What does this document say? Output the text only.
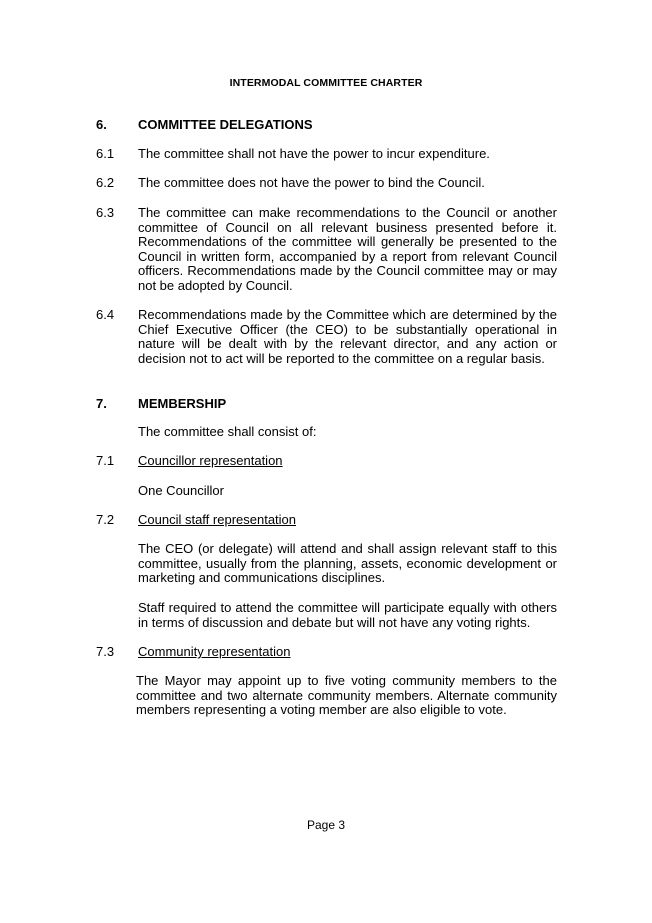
INTERMODAL COMMITTEE CHARTER
6. COMMITTEE DELEGATIONS
6.1 The committee shall not have the power to incur expenditure.
6.2 The committee does not have the power to bind the Council.
6.3 The committee can make recommendations to the Council or another committee of Council on all relevant business presented before it. Recommendations of the committee will generally be presented to the Council in written form, accompanied by a report from relevant Council officers. Recommendations made by the Council committee may or may not be adopted by Council.
6.4 Recommendations made by the Committee which are determined by the Chief Executive Officer (the CEO) to be substantially operational in nature will be dealt with by the relevant director, and any action or decision not to act will be reported to the committee on a regular basis.
7. MEMBERSHIP
The committee shall consist of:
7.1 Councillor representation
One Councillor
7.2 Council staff representation
The CEO (or delegate) will attend and shall assign relevant staff to this committee, usually from the planning, assets, economic development or marketing and communications disciplines.
Staff required to attend the committee will participate equally with others in terms of discussion and debate but will not have any voting rights.
7.3 Community representation
The Mayor may appoint up to five voting community members to the committee and two alternate community members. Alternate community members representing a voting member are also eligible to vote.
Page 3
